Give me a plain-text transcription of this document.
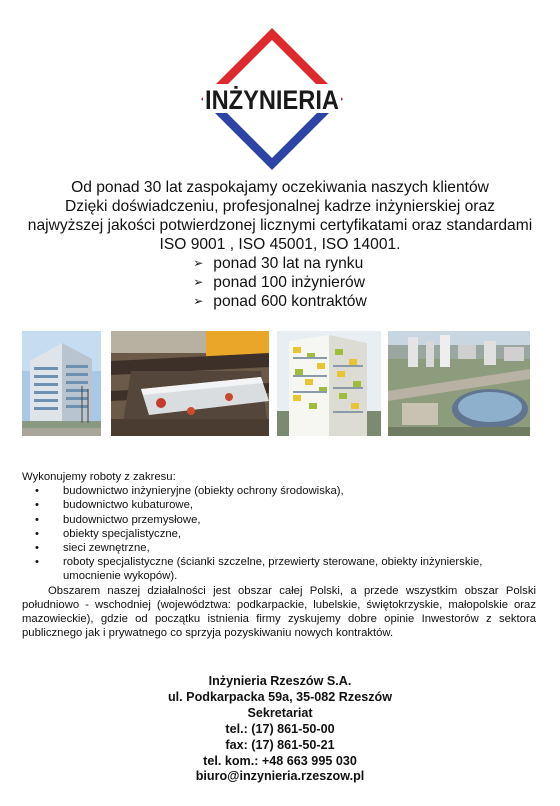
INŻYNIERIA

Od ponad 30 lat zaspokajamy oczekiwania naszych klientów

Dzięki doświadczeniu, profesjonalnej kadrze inżynierskiej oraz

najwyższej jakości potwierdzonej licznymi certyfikatami oraz standardami

ISO 9001 , ISO 45001, ISO 14001.

➢ ponad 30 lat na rynku
➢ ponad 100 inżynierów
➢ ponad 600 kontraktów

Wykonujemy roboty z zakresu:

• budownictwo inżynieryjne (obiekty ochrony środowiska),
• budownictwo kubaturowe,
• budownictwo przemysłowe,
• obiekty specjalistyczne,
• sieci zewnętrzne,
• roboty specjalistyczne (ścianki szczelne, przewierty sterowane, obiekty inżynierskie, umocnienie wykopów).

Obszarem naszej działalności jest obszar całej Polski, a przede wszystkim obszar Polski południowo - wschodniej (województwa: podkarpackie, lubelskie, świętokrzyskie, małopolskie oraz mazowieckie), gdzie od początku istnienia firmy zyskujemy dobre opinie Inwestorów z sektora publicznego jak i prywatnego co sprzyja pozyskiwaniu nowych kontraktów.

Inżynieria Rzeszów S.A.

ul. Podkarpacka 59a, 35-082 Rzeszów

Sekretariat

tel.: (17) 861-50-00

fax: (17) 861-50-21

tel. kom.: +48 663 995 030

biuro@inzynieria.rzeszow.pl
